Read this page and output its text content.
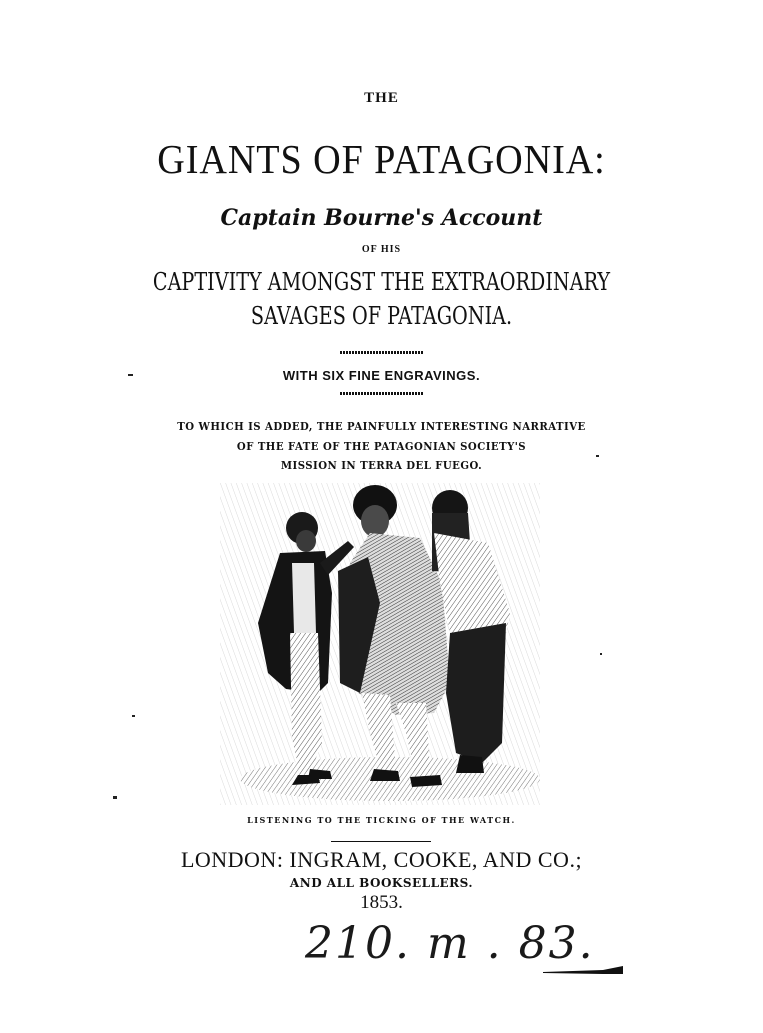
THE
GIANTS OF PATAGONIA:
Captain Bourne's Account
OF HIS
CAPTIVITY AMONGST THE EXTRAORDINARY
SAVAGES OF PATAGONIA.
WITH SIX FINE ENGRAVINGS.
TO WHICH IS ADDED, THE PAINFULLY INTERESTING NARRATIVE
OF THE FATE OF THE PATAGONIAN SOCIETY'S
MISSION IN TERRA DEL FUEGO.
LISTENING TO THE TICKING OF THE WATCH.
LONDON: INGRAM, COOKE, AND CO.;
AND ALL BOOKSELLERS.
1853.
210. m . 83.
